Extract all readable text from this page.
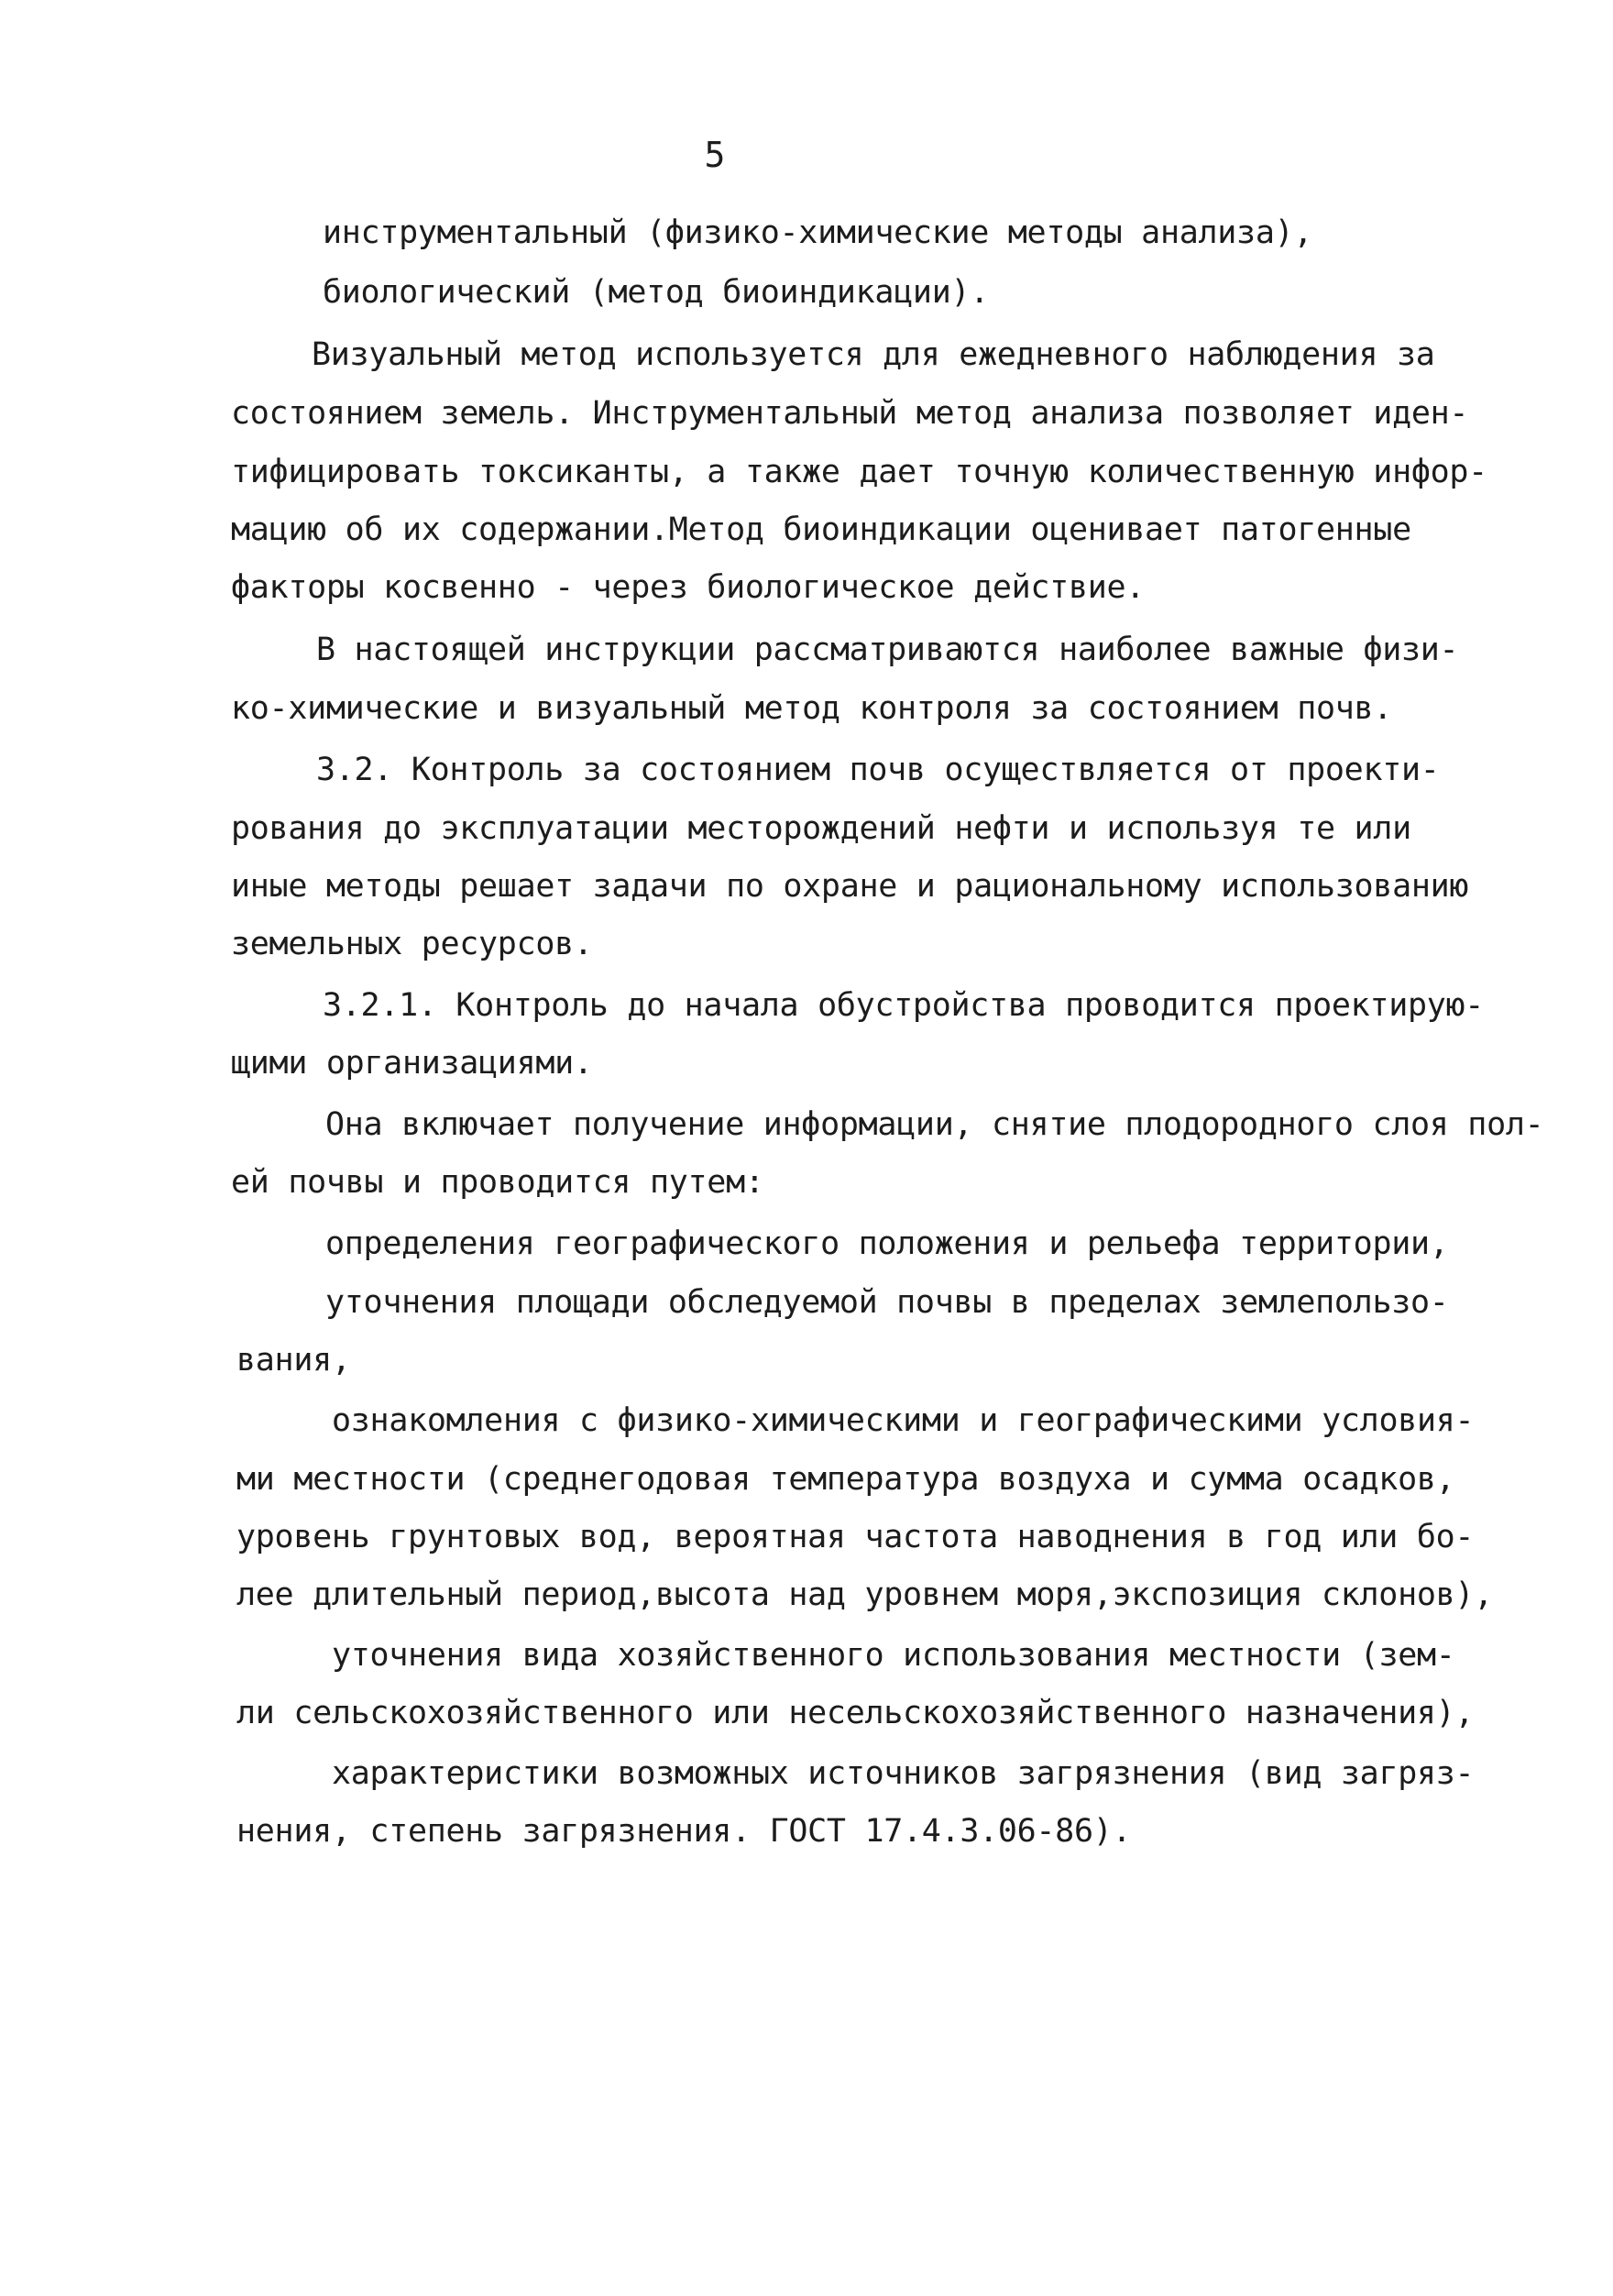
5
инструментальный (физико-химические методы анализа),
биологический (метод биоиндикации).
Визуальный метод используется для ежедневного наблюдения за
состоянием земель. Инструментальный метод анализа позволяет иден-
тифицировать токсиканты, а также дает точную количественную инфор-
мацию об их содержании.Метод биоиндикации оценивает патогенные
факторы косвенно - через биологическое действие.
В настоящей инструкции рассматриваются наиболее важные физи-
ко-химические и визуальный метод контроля за состоянием почв.
3.2. Контроль за состоянием почв осуществляется от проекти-
рования до эксплуатации месторождений нефти и используя те или
иные методы решает задачи по охране и рациональному использованию
земельных ресурсов.
3.2.1. Контроль до начала обустройства проводится проектирую-
щими организациями.
Она включает получение информации, снятие плодородного слоя пол-
ей почвы и проводится путем:
определения географического положения и рельефа территории,
уточнения площади обследуемой почвы в пределах землепользо-
вания,
ознакомления с физико-химическими и географическими условия-
ми местности (среднегодовая температура воздуха и сумма осадков,
уровень грунтовых вод, вероятная частота наводнения в год или бо-
лее длительный период,высота над уровнем моря,экспозиция склонов),
уточнения вида хозяйственного использования местности (зем-
ли сельскохозяйственного или несельскохозяйственного назначения),
характеристики возможных источников загрязнения (вид загряз-
нения, степень загрязнения. ГОСТ 17.4.3.06-86).
